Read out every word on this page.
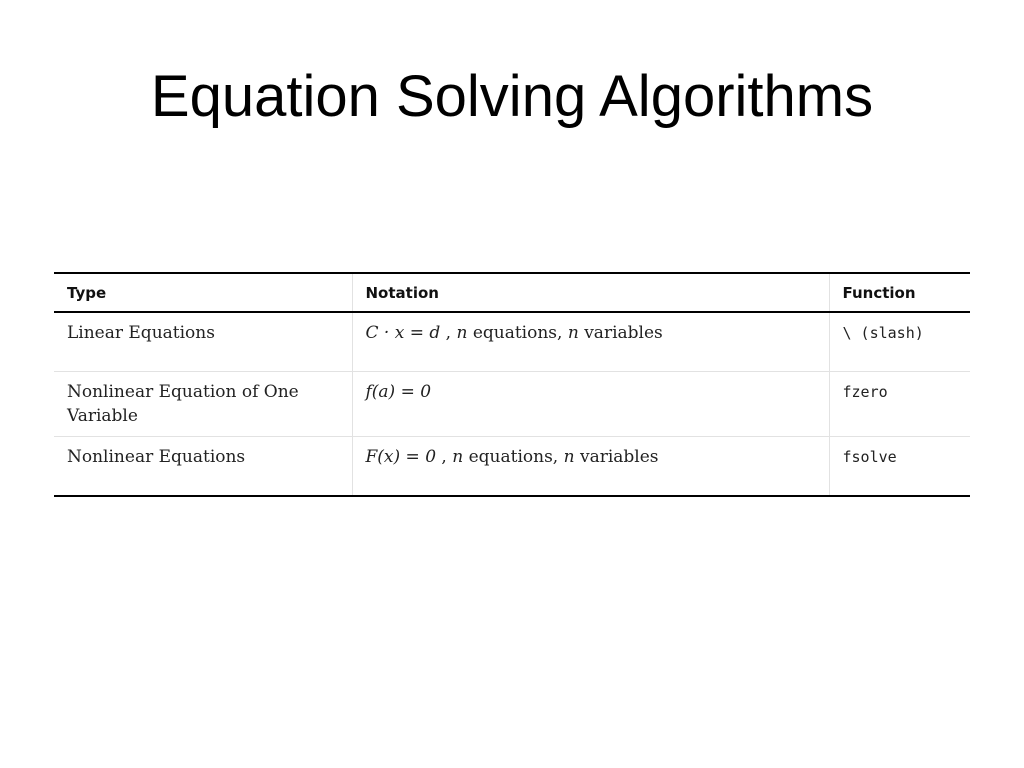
Equation Solving Algorithms
Type	Notation	Function
Linear Equations	C · x = d , n equations, n variables	\ (slash)
Nonlinear Equation of One Variable	f(a) = 0	fzero
Nonlinear Equations	F(x) = 0 , n equations, n variables	fsolve
